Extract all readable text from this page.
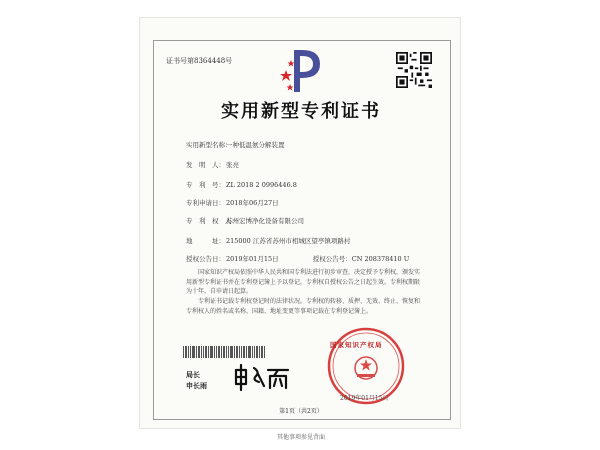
证书号第8364448号
实用新型专利证书
实用新型名称：一种低温氨分解装置
发　明　人：张亮
专　利　号：ZL 2018 2 0996446.8
专利申请日：2018年06月27日
专　利　权　人：苏州宏博净化设备有限公司
地　　　址：215000 江苏省苏州市相城区望亭镇项路村
授权公告日：2019年01月15日	授权公告号：CN 208378410 U
国家知识产权局依照中华人民共和国专利法进行初步审查，决定授予专利权，颁发实用新型专利证书并在专利登记簿上予以登记。专利权自授权公告之日起生效。专利权期限为十年，自申请日起算。
专利证书记载专利权登记时的法律状况。专利权的转移、质押、无效、终止、恢复和专利权人的姓名或名称、国籍、地址变更等事项记载在专利登记簿上。
局长
申长雨
国家知识产权局
2019年01月15日
第1页（共2页）
其他事项参见背面
